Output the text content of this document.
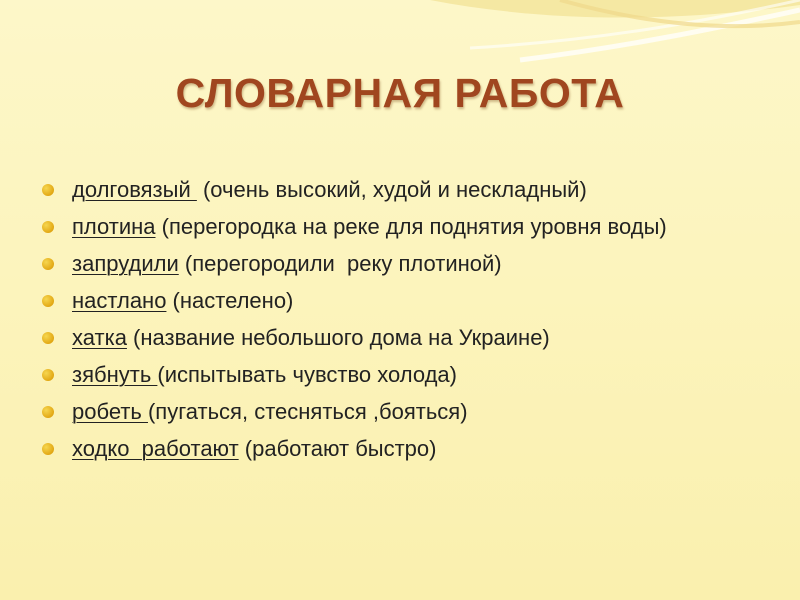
СЛОВАРНАЯ РАБОТА
долговязый  (очень высокий, худой и нескладный)
плотина (перегородка на реке для поднятия уровня воды)
запрудили (перегородили  реку плотиной)
настлано (настелено)
хатка (название небольшого дома на Украине)
зябнуть (испытывать чувство холода)
робеть (пугаться, стесняться ,бояться)
ходко  работают (работают быстро)
